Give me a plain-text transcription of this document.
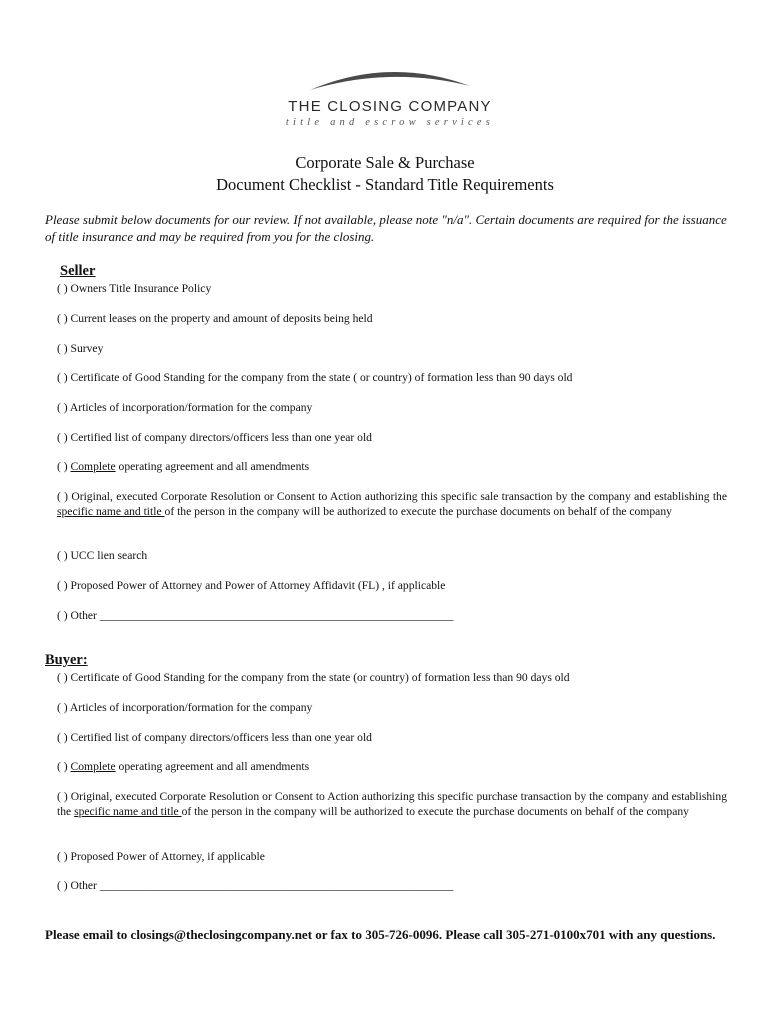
THE CLOSING COMPANY
title and escrow services
Corporate Sale & Purchase
Document Checklist - Standard Title Requirements
Please submit below documents for our review. If not available, please note "n/a". Certain documents are required for the issuance of title insurance and may be required from you for the closing.
Seller
( ) Owners Title Insurance Policy
( ) Current leases on the property and amount of deposits being held
( ) Survey
( ) Certificate of Good Standing for the company from the state ( or country) of formation less than 90 days old
( ) Articles of incorporation/formation for the company
( ) Certified list of company directors/officers less than one year old
( ) Complete operating agreement and all amendments
( ) Original, executed Corporate Resolution or Consent to Action authorizing this specific sale transaction by the company and establishing the specific name and title of the person in the company will be authorized to execute the purchase documents on behalf of the company
( ) UCC lien search
( ) Proposed Power of Attorney and Power of Attorney Affidavit (FL) , if applicable
( ) Other _____________________________________________________________
Buyer:
( ) Certificate of Good Standing for the company from the state (or country) of formation less than 90 days old
( ) Articles of incorporation/formation for the company
( ) Certified list of company directors/officers less than one year old
( ) Complete operating agreement and all amendments
( ) Original, executed Corporate Resolution or Consent to Action authorizing this specific purchase transaction by the company and establishing the specific name and title of the person in the company will be authorized to execute the purchase documents on behalf of the company
( ) Proposed Power of Attorney, if applicable
( ) Other _____________________________________________________________
Please email to closings@theclosingcompany.net or fax to 305-726-0096. Please call 305-271-0100x701 with any questions.
